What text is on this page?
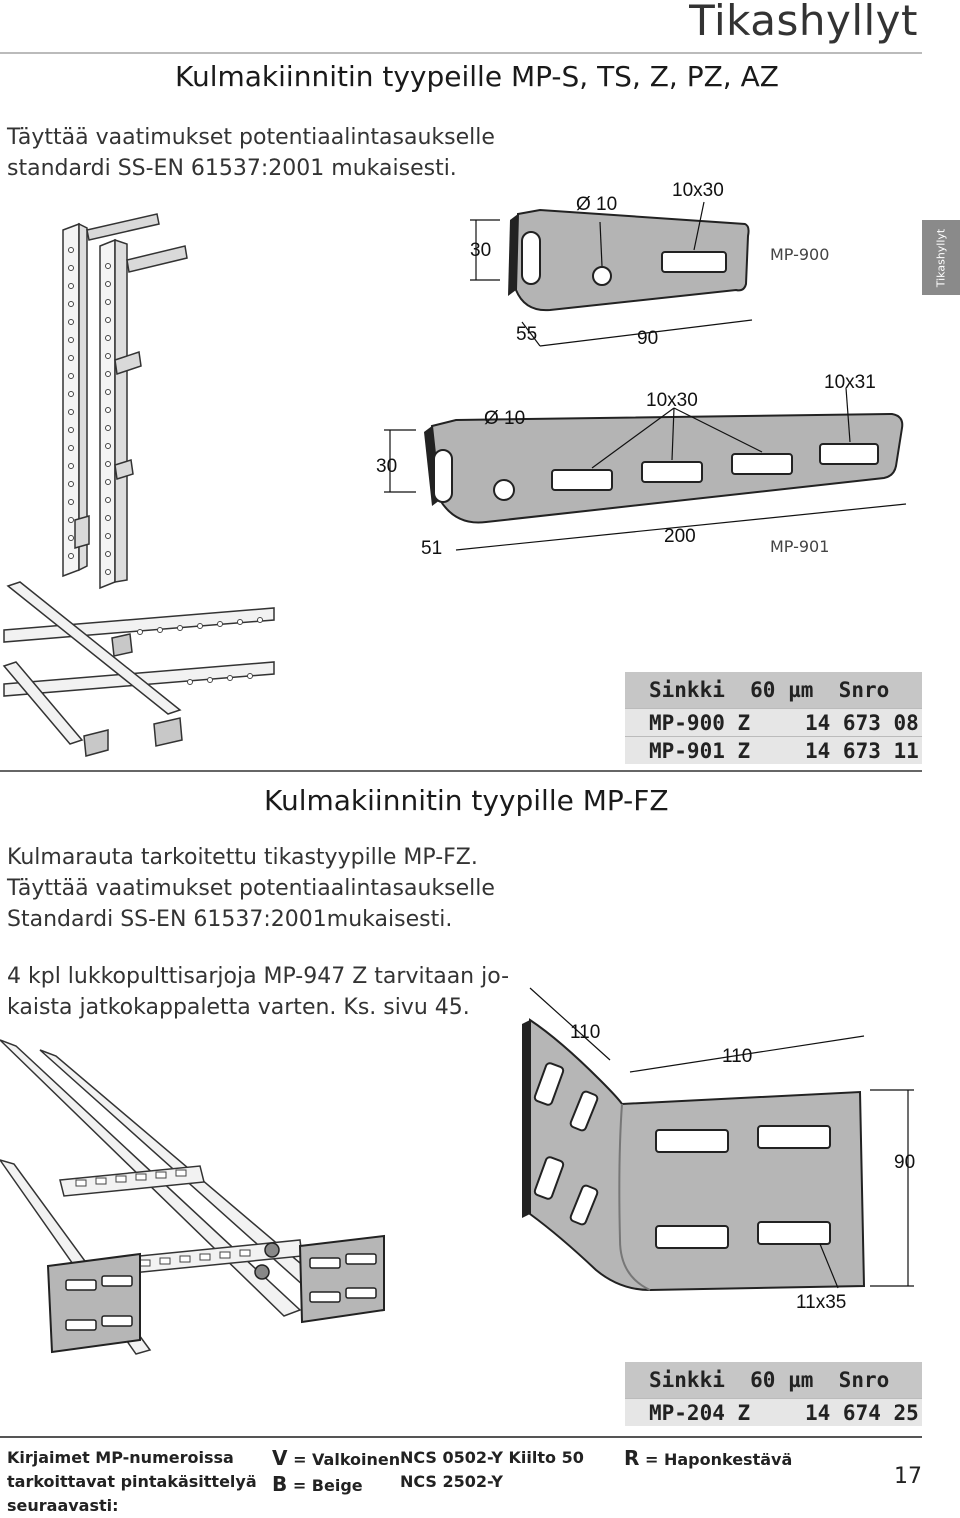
Tikashyllyt
Tikashyllyt
Kulmakiinnitin tyypeille MP-S, TS, Z, PZ, AZ
Täyttää vaatimukset potentiaalintasaukselle
standardi SS-EN 61537:2001 mukaisesti.
Ø 10
10x30
30
55	90
MP-900
Ø 10
10x30
10x31
30
51
200	MP-901
Sinkki 60 µm Snro
MP-900 Z	14 673 08
MP-901 Z	14 673 11
Kulmakiinnitin tyypille MP-FZ
Kulmarauta tarkoitettu tikastyypille MP-FZ.
Täyttää vaatimukset potentiaalintasaukselle
Standardi SS-EN 61537:2001mukaisesti.
4 kpl lukkopulttisarjoja MP-947 Z tarvitaan jo-
kaista jatkokappaletta varten. Ks. sivu 45.
110
110
90
11x35
Sinkki 60 µm Snro
MP-204 Z	14 674 25
Kirjaimet MP-numeroissa
tarkoittavat pintakäsittelyä
seuraavasti:
V = Valkoinen
B = Beige
NCS 0502-Y Kiilto 50
NCS 2502-Y
R = Haponkestävä
17
